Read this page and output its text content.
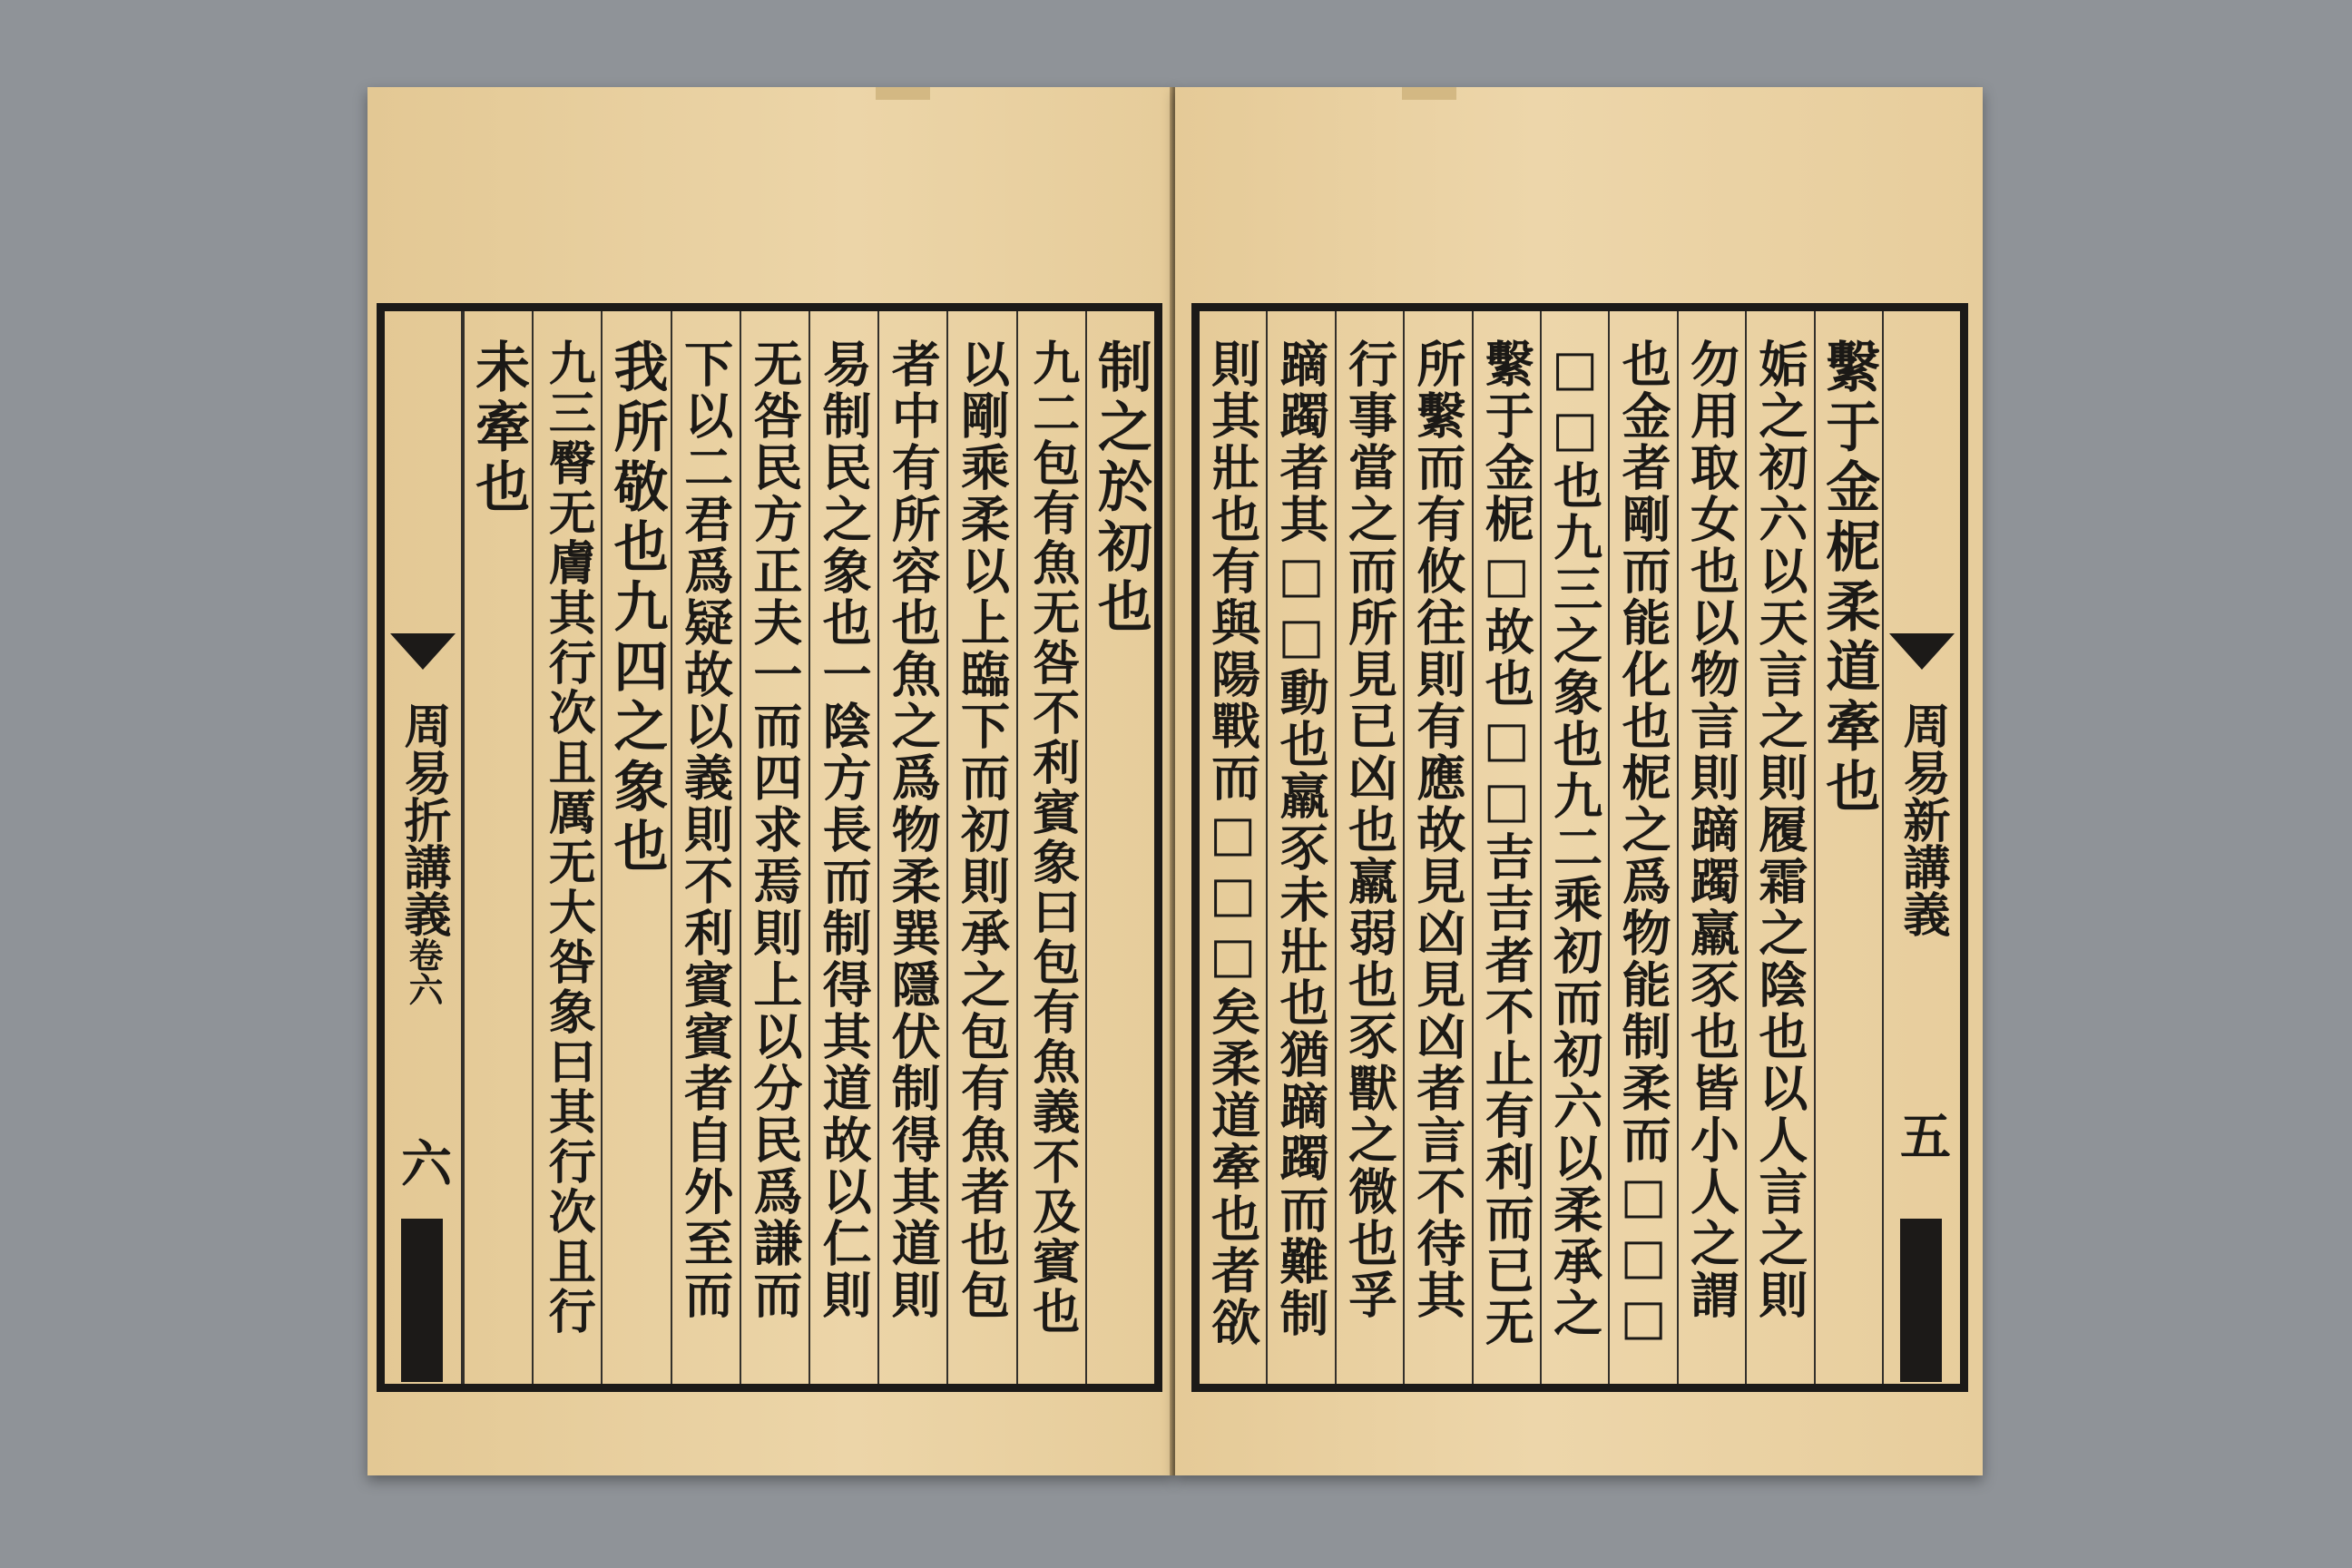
制之於初也
九二包有魚无咎不利賓象曰包有魚義不及賓也
以剛乘柔以上臨下而初則承之包有魚者也包
者中有所容也魚之爲物柔巽隱伏制得其道則
易制民之象也一陰方長而制得其道故以仁則
无咎民方正夫一而四求焉則上以分民爲謙而
下以二君爲疑故以義則不利賓賓者自外至而
我所敬也九四之象也
九三臀无膚其行次且厲无大咎象曰其行次且行
未牽也
周易折講義卷六
六
周易新講義
五
繫于金柅柔道牽也
姤之初六以天言之則履霜之陰也以人言之則
勿用取女也以物言則蹢躅羸豕也皆小人之謂
也金者剛而能化也柅之爲物能制柔而□□□
□□也九三之象也九二乘初而初六以柔承之
繫于金柅□故也□□吉吉者不止有利而已无
所繫而有攸往則有應故見凶見凶者言不待其
行事當之而所見已凶也羸弱也豕獸之微也孚
蹢躅者其□□動也羸豕未壯也猶蹢躅而難制
則其壯也有與陽戰而□□□矣柔道牽也者欲
